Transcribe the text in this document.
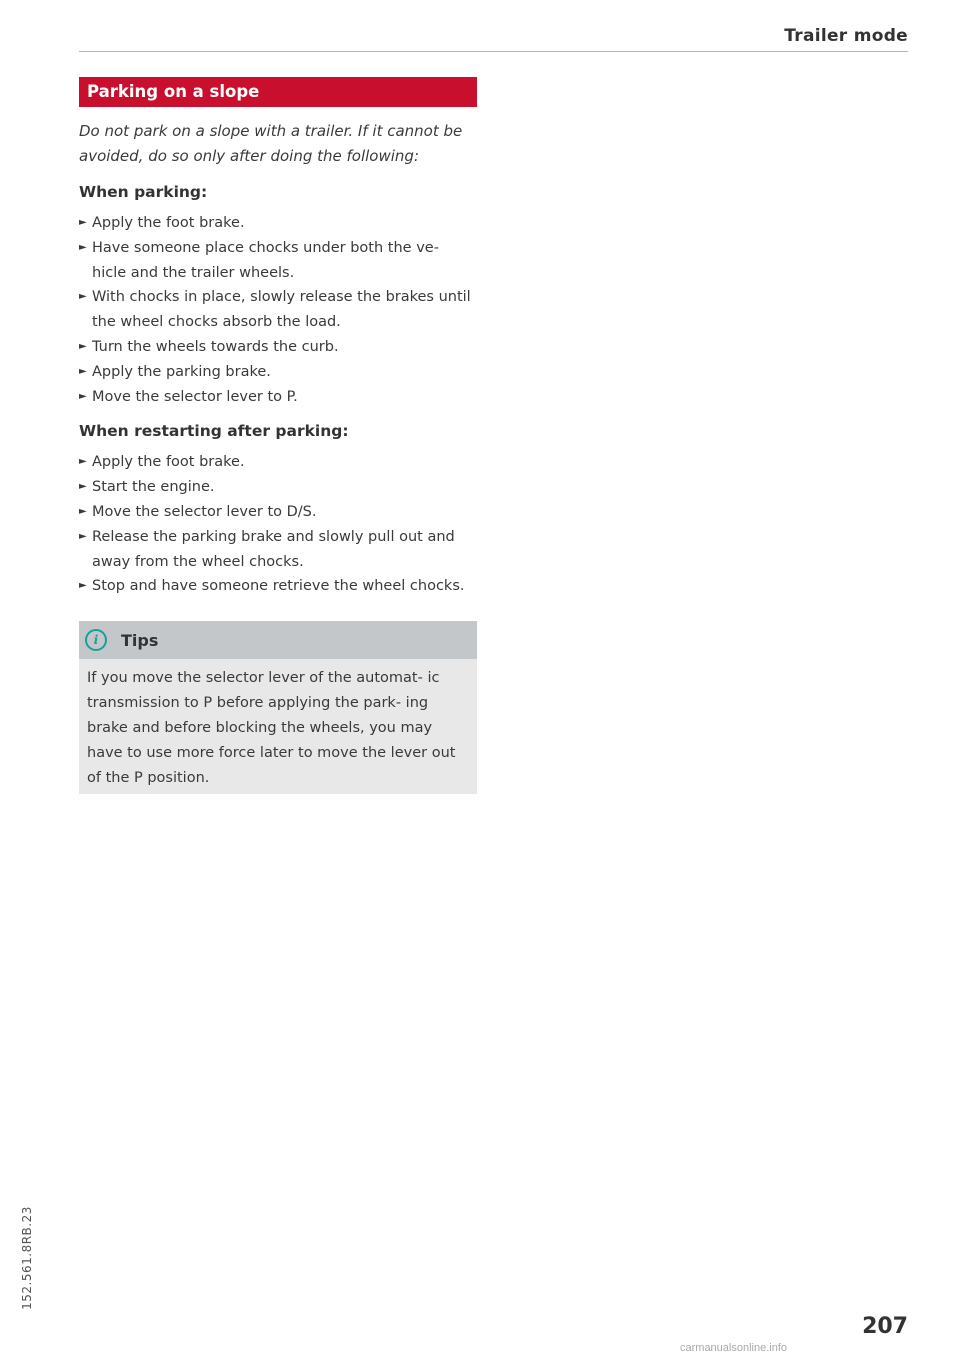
Trailer mode
Parking on a slope

Do not park on a slope with a trailer. If it cannot be avoided, do so only after doing the following:

When parking:
► Apply the foot brake.
► Have someone place chocks under both the ve- hicle and the trailer wheels.
► With chocks in place, slowly release the brakes until the wheel chocks absorb the load.
► Turn the wheels towards the curb.
► Apply the parking brake.
► Move the selector lever to P.
When restarting after parking:
► Apply the foot brake.
► Start the engine.
► Move the selector lever to D/S.
► Release the parking brake and slowly pull out and away from the wheel chocks.
► Stop and have someone retrieve the wheel chocks.
i	Tips
If you move the selector lever of the automat- ic transmission to P before applying the park- ing brake and before blocking the wheels, you may have to use more force later to move the lever out of the P position.
152.561.8RB.23
207
carmanualsonline.info
